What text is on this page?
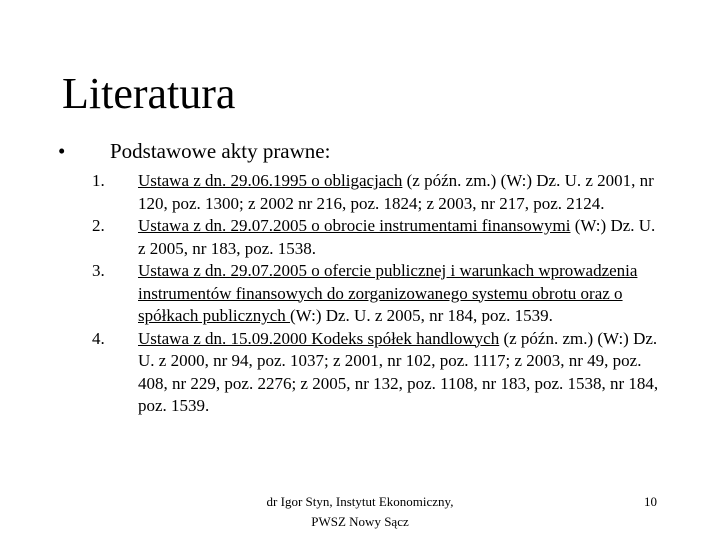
Literatura
• Podstawowe akty prawne:
1.	Ustawa z dn. 29.06.1995 o obligacjach (z późn. zm.) (W:) Dz. U. z 2001, nr 120, poz. 1300; z 2002 nr 216, poz. 1824; z 2003, nr 217, poz. 2124.
2.	Ustawa z dn. 29.07.2005 o obrocie instrumentami finansowymi (W:) Dz. U. z 2005, nr 183, poz. 1538.
3.	Ustawa z dn. 29.07.2005 o ofercie publicznej i warunkach wprowadzenia instrumentów finansowych do zorganizowanego systemu obrotu oraz o spółkach publicznych (W:) Dz. U. z 2005, nr 184, poz. 1539.
4.	Ustawa z dn. 15.09.2000 Kodeks spółek handlowych (z późn. zm.) (W:) Dz. U. z 2000, nr 94, poz. 1037; z 2001, nr 102, poz. 1117; z 2003, nr 49, poz. 408, nr 229, poz. 2276; z 2005, nr 132, poz. 1108, nr 183, poz. 1538, nr 184, poz. 1539.
dr Igor Styn, Instytut Ekonomiczny,
PWSZ Nowy Sącz
10
